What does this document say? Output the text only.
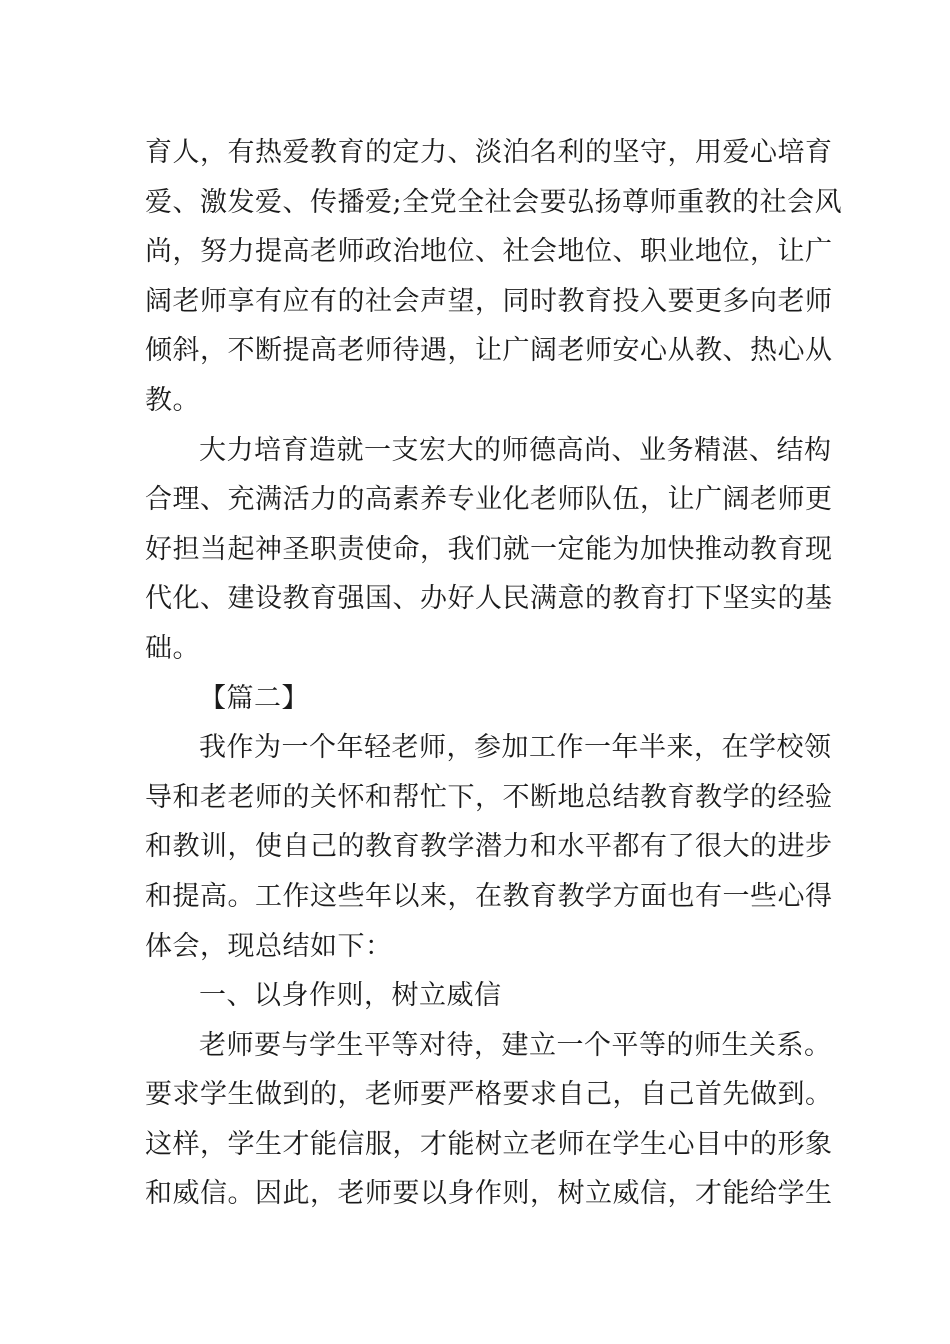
育人，有热爱教育的定力、淡泊名利的坚守，用爱心培育
爱、激发爱、传播爱;全党全社会要弘扬尊师重教的社会风
尚，努力提高老师政治地位、社会地位、职业地位，让广
阔老师享有应有的社会声望，同时教育投入要更多向老师
倾斜，不断提高老师待遇，让广阔老师安心从教、热心从
教。
大力培育造就一支宏大的师德高尚、业务精湛、结构
合理、充满活力的高素养专业化老师队伍，让广阔老师更
好担当起神圣职责使命，我们就一定能为加快推动教育现
代化、建设教育强国、办好人民满意的教育打下坚实的基
础。
【篇二】
我作为一个年轻老师，参加工作一年半来，在学校领
导和老老师的关怀和帮忙下，不断地总结教育教学的经验
和教训，使自己的教育教学潜力和水平都有了很大的进步
和提高。工作这些年以来，在教育教学方面也有一些心得
体会，现总结如下：
一、以身作则，树立威信
老师要与学生平等对待，建立一个平等的师生关系。
要求学生做到的，老师要严格要求自己，自己首先做到。
这样，学生才能信服，才能树立老师在学生心目中的形象
和威信。因此，老师要以身作则，树立威信，才能给学生
